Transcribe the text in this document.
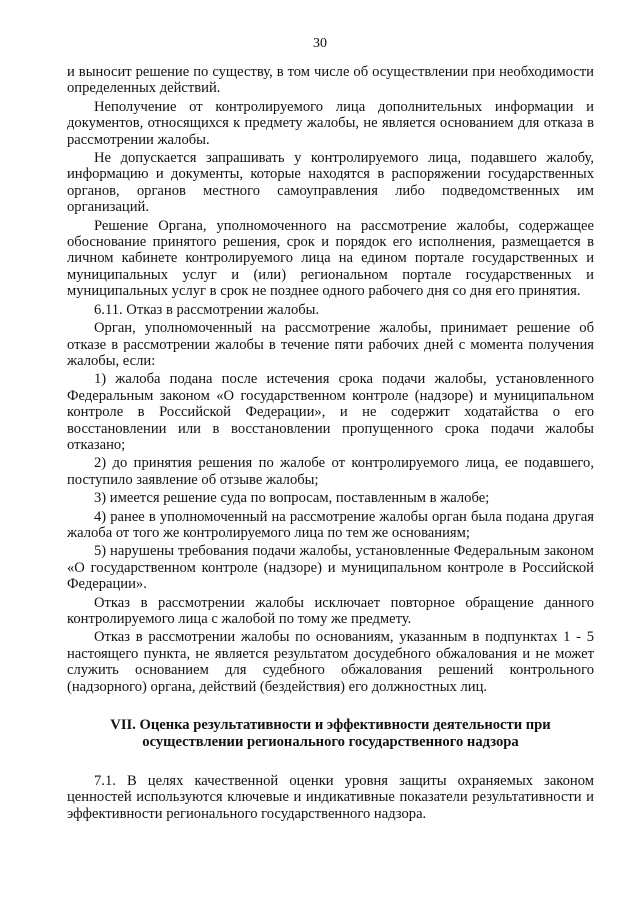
30

и выносит решение по существу, в том числе об осуществлении при необходимости определенных действий.

Неполучение от контролируемого лица дополнительных информации и документов, относящихся к предмету жалобы, не является основанием для отказа в рассмотрении жалобы.

Не допускается запрашивать у контролируемого лица, подавшего жалобу, информацию и документы, которые находятся в распоряжении государственных органов, органов местного самоуправления либо подведомственных им организаций.

Решение Органа, уполномоченного на рассмотрение жалобы, содержащее обоснование принятого решения, срок и порядок его исполнения, размещается в личном кабинете контролируемого лица на едином портале государственных и муниципальных услуг и (или) региональном портале государственных и муниципальных услуг в срок не позднее одного рабочего дня со дня его принятия.

6.11. Отказ в рассмотрении жалобы.

Орган, уполномоченный на рассмотрение жалобы, принимает решение об отказе в рассмотрении жалобы в течение пяти рабочих дней с момента получения жалобы, если:

1) жалоба подана после истечения срока подачи жалобы, установленного Федеральным законом «О государственном контроле (надзоре) и муниципальном контроле в Российской Федерации», и не содержит ходатайства о его восстановлении или в восстановлении пропущенного срока подачи жалобы отказано;

2) до принятия решения по жалобе от контролируемого лица, ее подавшего, поступило заявление об отзыве жалобы;

3) имеется решение суда по вопросам, поставленным в жалобе;

4) ранее в уполномоченный на рассмотрение жалобы орган была подана другая жалоба от того же контролируемого лица по тем же основаниям;

5) нарушены требования подачи жалобы, установленные Федеральным законом «О государственном контроле (надзоре) и муниципальном контроле в Российской Федерации».

Отказ в рассмотрении жалобы исключает повторное обращение данного контролируемого лица с жалобой по тому же предмету.

Отказ в рассмотрении жалобы по основаниям, указанным в подпунктах 1 - 5 настоящего пункта, не является результатом досудебного обжалования и не может служить основанием для судебного обжалования решений контрольного (надзорного) органа, действий (бездействия) его должностных лиц.

VII. Оценка результативности и эффективности деятельности при
осуществлении регионального государственного надзора

7.1. В целях качественной оценки уровня защиты охраняемых законом ценностей используются ключевые и индикативные показатели результативности и эффективности регионального государственного надзора.
